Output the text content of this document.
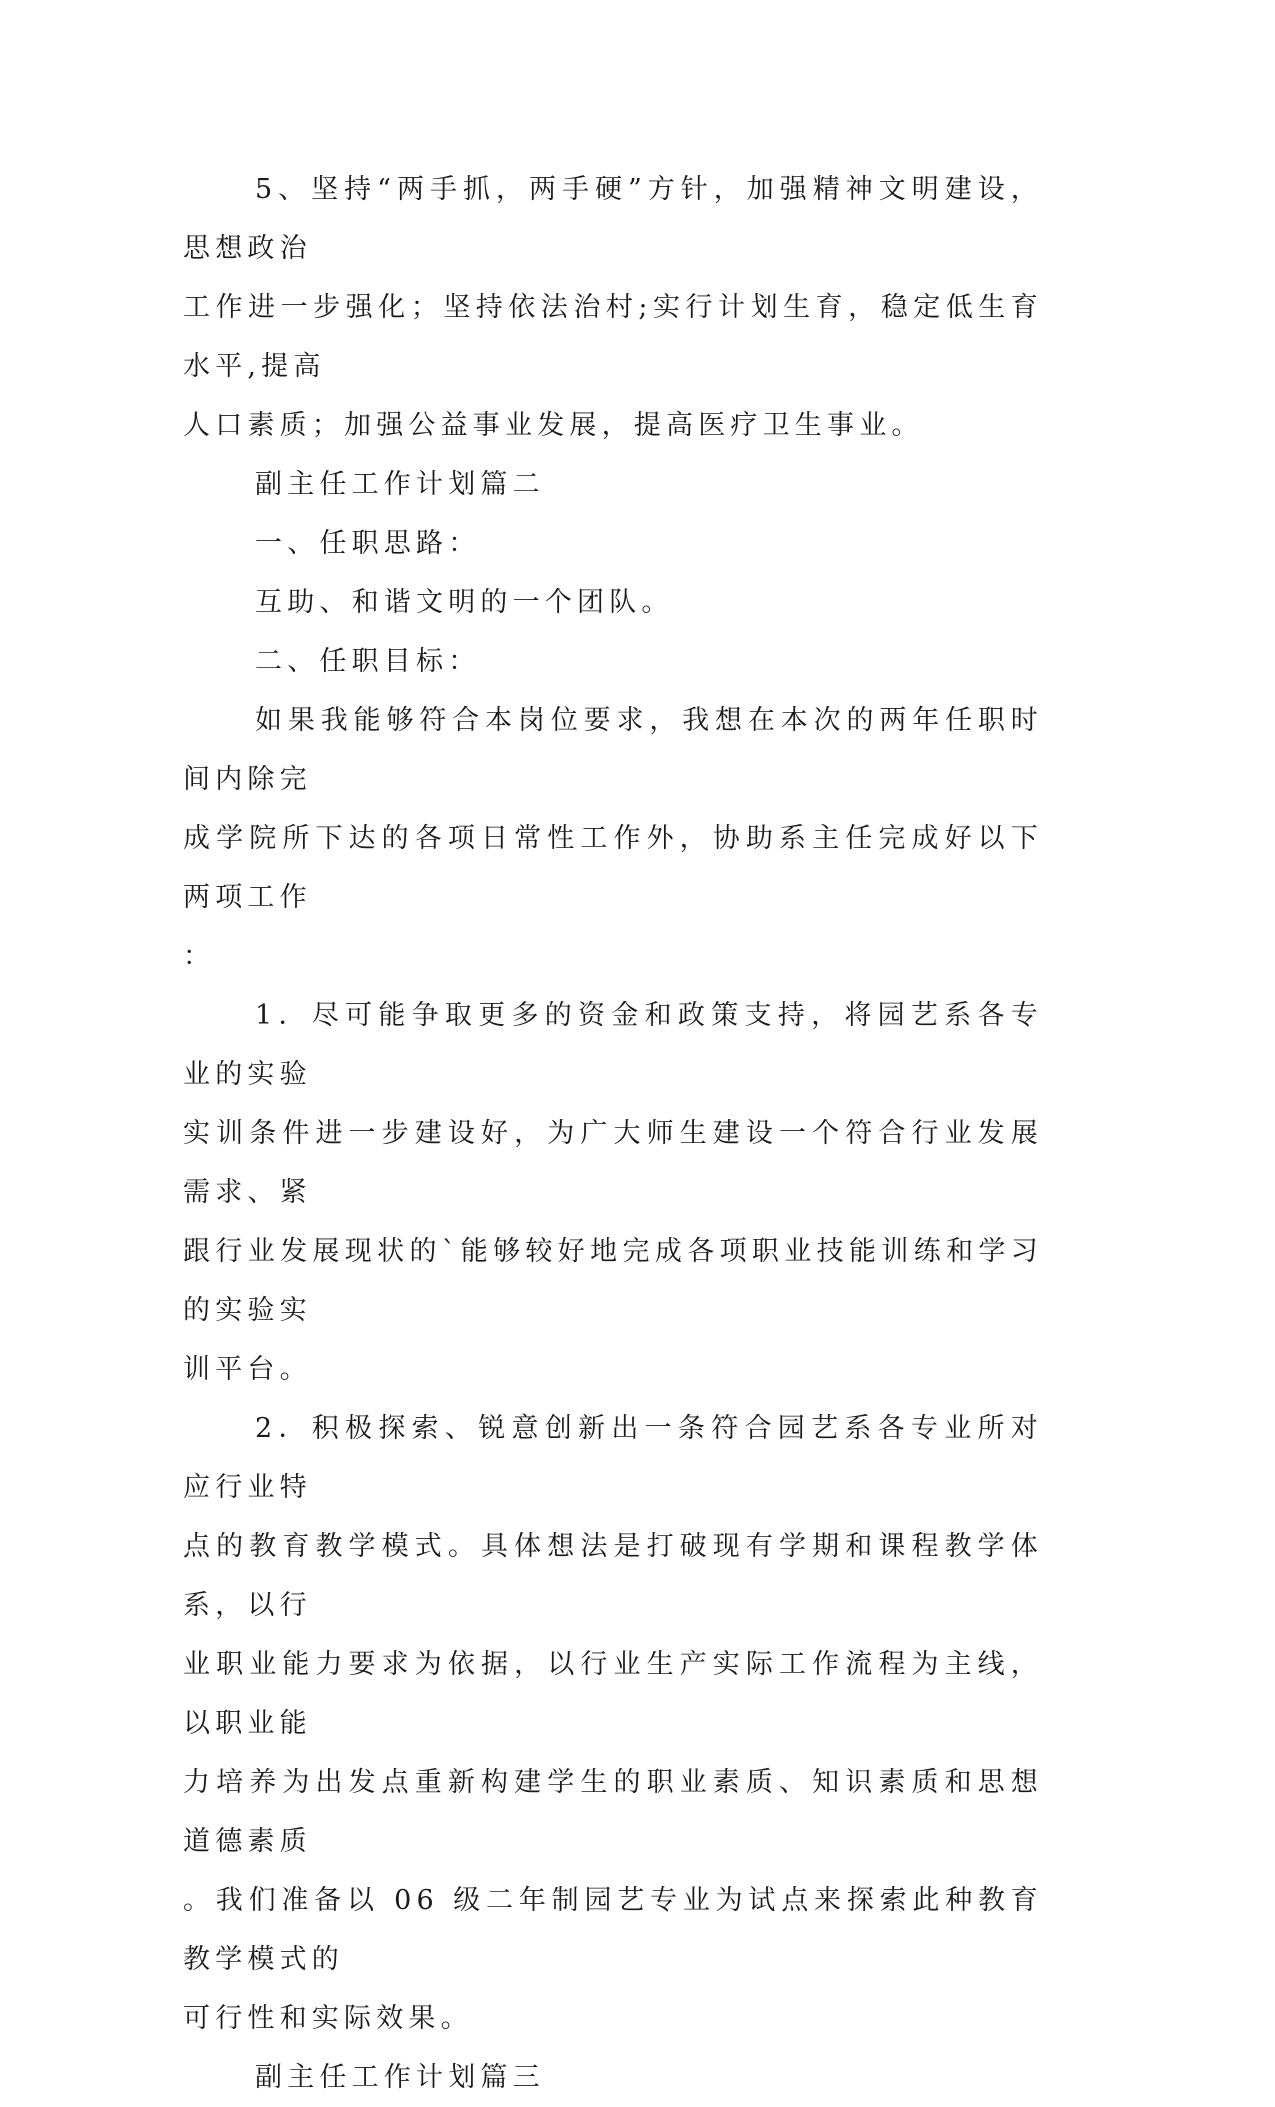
5、坚持“两手抓，两手硬”方针，加强精神文明建设，思想政治
工作进一步强化；坚持依法治村;实行计划生育，稳定低生育水平,提高
人口素质；加强公益事业发展，提高医疗卫生事业。
副主任工作计划篇二
一、任职思路：
互助、和谐文明的一个团队。
二、任职目标：
如果我能够符合本岗位要求，我想在本次的两年任职时间内除完
成学院所下达的各项日常性工作外，协助系主任完成好以下两项工作
：
1．尽可能争取更多的资金和政策支持，将园艺系各专业的实验
实训条件进一步建设好，为广大师生建设一个符合行业发展需求、紧
跟行业发展现状的`能够较好地完成各项职业技能训练和学习的实验实
训平台。
2．积极探索、锐意创新出一条符合园艺系各专业所对应行业特
点的教育教学模式。具体想法是打破现有学期和课程教学体系，以行
业职业能力要求为依据，以行业生产实际工作流程为主线，以职业能
力培养为出发点重新构建学生的职业素质、知识素质和思想道德素质
。我们准备以 06 级二年制园艺专业为试点来探索此种教育教学模式的
可行性和实际效果。
副主任工作计划篇三
